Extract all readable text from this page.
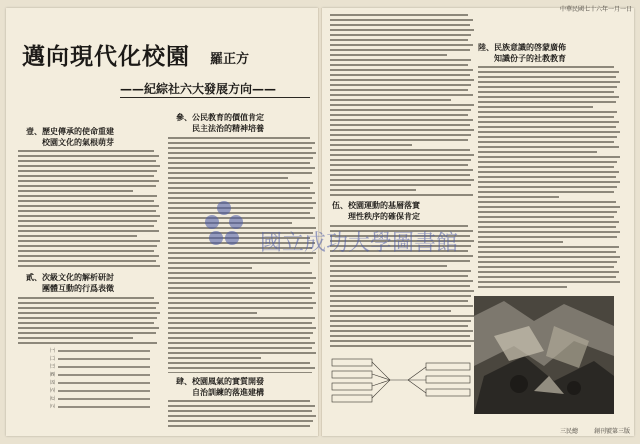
中華民國七十六年一月一日
邁向現代化校園 羅正方
——紀綜社六大發展方向——
壹、歷史傳承的使命重建
校園文化的氣根萌芽
貳、次級文化的解析研討
團體互動的行爲表徵
參、公民教育的價值肯定
民主法治的精神培養
肆、校園風氣的實質開發
自治訓練的落進建構
伍、校園運動的基層落實
理性秩序的確保肯定
陸、民族意識的啓蒙廣佈
知識份子的社教教育
㈠
㈡
㈢
㈣
㈤
㈥
㈦
㈧
國立成功大學圖書館
三民總	創刊號第三版
